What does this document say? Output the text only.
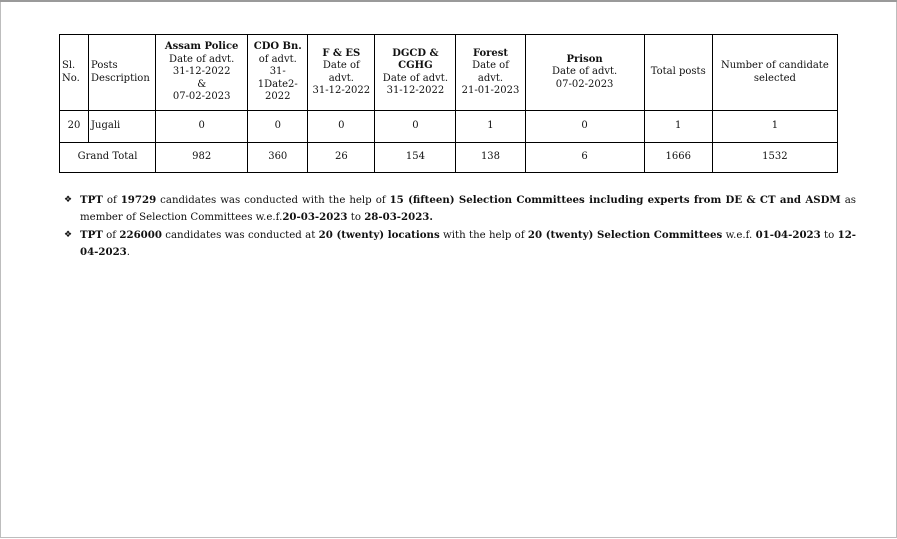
Sl. No.	Posts Description	Assam Police
Date of advt.
31-12-2022
&
07-02-2023	CDO Bn.
of advt.
31-
1Date2-
2022	F & ES
Date of advt.
31-12-2022	DGCD &
CGHG
Date of advt.
31-12-2022	Forest
Date of advt.
21-01-2023	Prison
Date of advt.
07-02-2023	Total posts	Number of candidate selected
20	Jugali	0	0	0	0	1	0	1	1
Grand Total		982	360	26	154	138	6	1666	1532
❖ TPT of 19729 candidates was conducted with the help of 15 (fifteen) Selection Committees including experts from DE & CT and ASDM as member of Selection Committees w.e.f.20-03-2023 to 28-03-2023.
❖ TPT of 226000 candidates was conducted at 20 (twenty) locations with the help of 20 (twenty) Selection Committees w.e.f. 01-04-2023 to 12-04-2023.
